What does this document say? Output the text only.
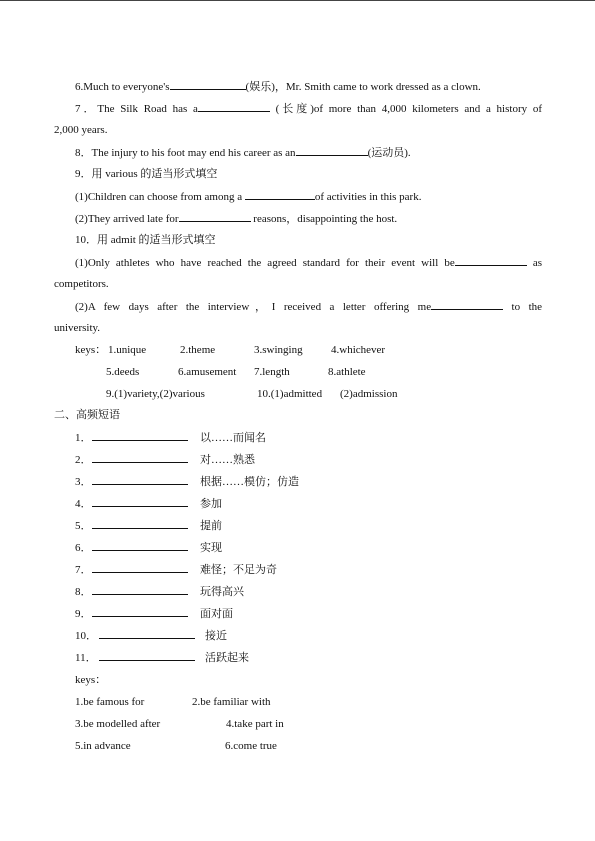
6.Much to everyone's	(娱乐)，Mr. Smith came to work dressed as a clown.
7．The Silk Road has a	(长度)of more than 4,000 kilometers and a history of
2,000 years.
8．The injury to his foot may end his career as an	(运动员).
9．用 various 的适当形式填空
(1)Children can choose from among a	of activities in this park.
(2)They arrived late for	reasons，disappointing the host.
10．用 admit 的适当形式填空
(1)Only athletes who have reached the agreed standard for their event will be	as
competitors.
(2)A few days after the interview，I received a letter offering me	to the
university.
keys： 1.unique	2.theme	3.swinging	4.whichever
5.deeds	6.amusement 7.length	8.athlete
9.(1)variety,(2)various	10.(1)admitted (2)admission
二、高频短语
1．	以……而闻名
2．	对……熟悉
3．	根据……模仿；仿造
4．	参加
5．	提前
6．	实现
7．	难怪；不足为奇
8．	玩得高兴
9．	面对面
10．	接近
11．	活跃起来
keys：
1.be famous for	2.be familiar with
3.be modelled after	4.take part in
5.in advance	6.come true
